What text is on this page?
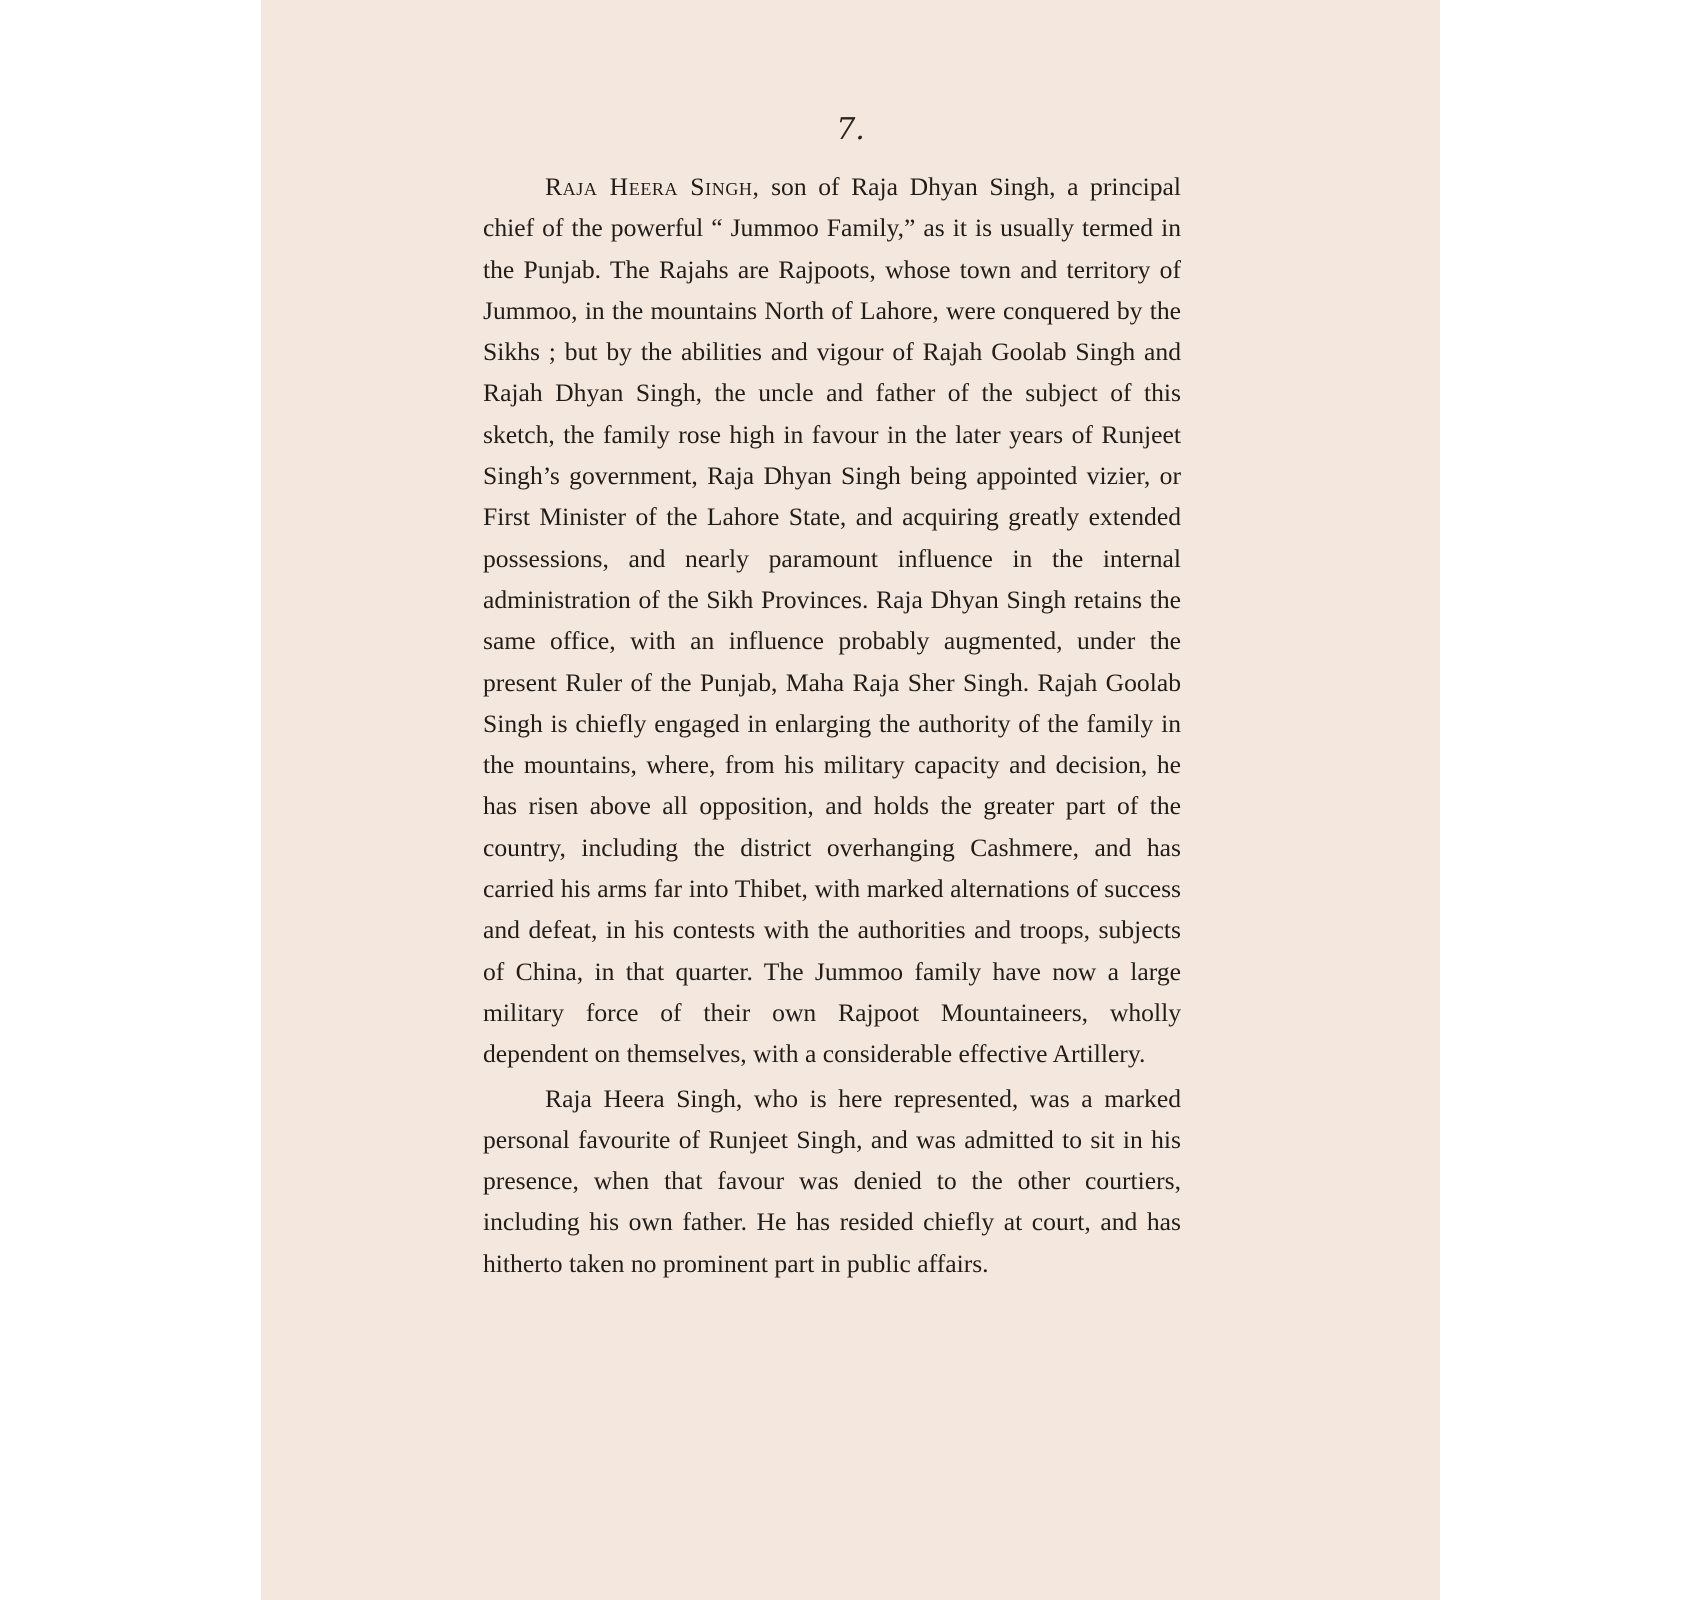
7.

Raja Heera Singh, son of Raja Dhyan Singh, a principal chief of the powerful “ Jummoo Family,” as it is usually termed in the Punjab. The Rajahs are Rajpoots, whose town and territory of Jummoo, in the mountains North of Lahore, were conquered by the Sikhs ; but by the abilities and vigour of Rajah Goolab Singh and Rajah Dhyan Singh, the uncle and father of the subject of this sketch, the family rose high in favour in the later years of Runjeet Singh’s government, Raja Dhyan Singh being appointed vizier, or First Minister of the Lahore State, and acquiring greatly extended possessions, and nearly paramount influence in the internal administration of the Sikh Provinces. Raja Dhyan Singh retains the same office, with an influence probably augmented, under the present Ruler of the Punjab, Maha Raja Sher Singh. Rajah Goolab Singh is chiefly engaged in enlarging the authority of the family in the mountains, where, from his military capacity and decision, he has risen above all opposition, and holds the greater part of the country, including the district overhanging Cashmere, and has carried his arms far into Thibet, with marked alternations of success and defeat, in his contests with the authorities and troops, subjects of China, in that quarter. The Jummoo family have now a large military force of their own Rajpoot Mountaineers, wholly dependent on themselves, with a considerable effective Artillery.

Raja Heera Singh, who is here represented, was a marked personal favourite of Runjeet Singh, and was admitted to sit in his presence, when that favour was denied to the other courtiers, including his own father. He has resided chiefly at court, and has hitherto taken no prominent part in public affairs.
